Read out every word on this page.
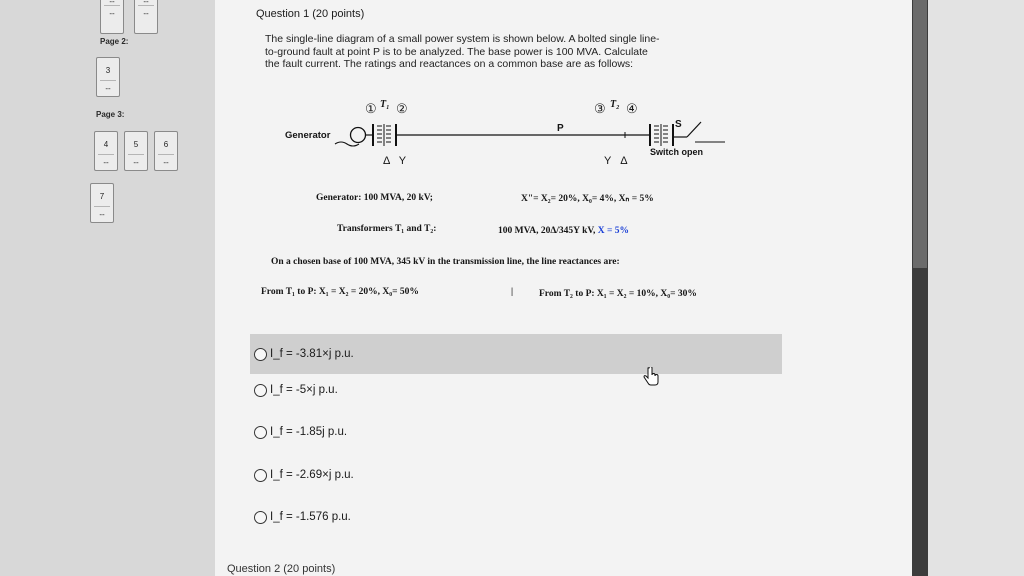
--
--
--
--
Page 2:
3
--
Page 3:
4
--
5
--
6
--
7
--
Question 1 (20 points)
The single-line diagram of a small power system is shown below. A bolted single line-
to-ground fault at point P is to be analyzed. The base power is 100 MVA. Calculate
the fault current. The ratings and reactances on a common base are as follows:
① T₁ ②	③ T₂ ④
P	S
Generator
Switch open
Δ Y	Y Δ
Generator: 100 MVA, 20 kV;	X"= X₂= 20%, X₀= 4%, Xₙ = 5%
Transformers T₁ and T₂:	100 MVA, 20Δ/345Y kV, X = 5%
On a chosen base of 100 MVA, 345 kV in the transmission line, the line reactances are:
From T₁ to P: X₁ = X₂ = 20%, X₀= 50%	|	From T₂ to P: X₁ = X₂ = 10%, X₀= 30%
I_f = -3.81×j p.u.
I_f = -5×j p.u.
I_f = -1.85j p.u.
I_f = -2.69×j p.u.
I_f = -1.576 p.u.
Question 2 (20 points)
